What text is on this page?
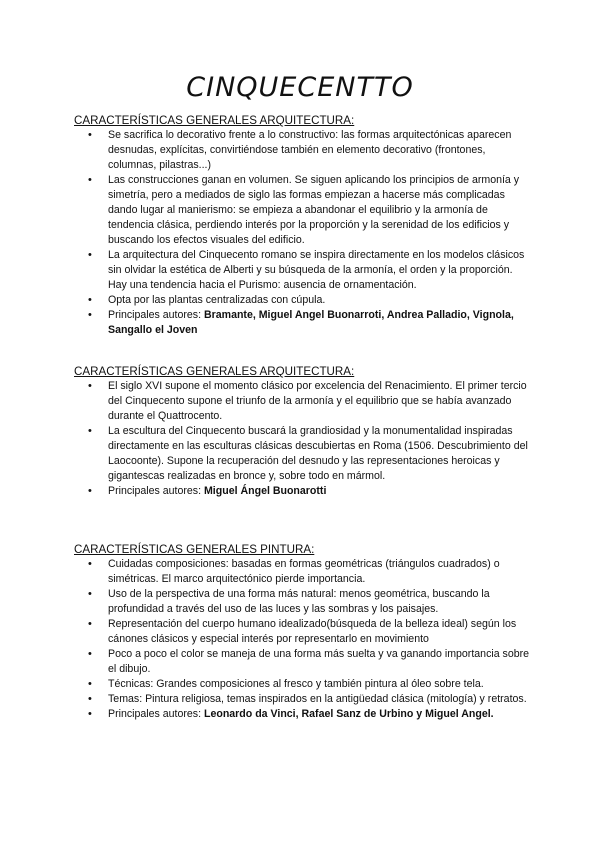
CINQUECENTTO

CARACTERÍSTICAS GENERALES ARQUITECTURA:

• Se sacrifica lo decorativo frente a lo constructivo: las formas arquitectónicas aparecen desnudas, explícitas, convirtiéndose también en elemento decorativo (frontones, columnas, pilastras...)
• Las construcciones ganan en volumen. Se siguen aplicando los principios de armonía y simetría, pero a mediados de siglo las formas empiezan a hacerse más complicadas dando lugar al manierismo: se empieza a abandonar el equilibrio y la armonía de tendencia clásica, perdiendo interés por la proporción y la serenidad de los edificios y buscando los efectos visuales del edificio.
• La arquitectura del Cinquecento romano se inspira directamente en los modelos clásicos sin olvidar la estética de Alberti y su búsqueda de la armonía, el orden y la proporción. Hay una tendencia hacia el Purismo: ausencia de ornamentación.
• Opta por las plantas centralizadas con cúpula.
• Principales autores: Bramante, Miguel Angel Buonarroti, Andrea Palladio, Vignola, Sangallo el Joven

CARACTERÍSTICAS GENERALES ARQUITECTURA:

• El siglo XVI supone el momento clásico por excelencia del Renacimiento. El primer tercio del Cinquecento supone el triunfo de la armonía y el equilibrio que se había avanzado durante el Quattrocento.
• La escultura del Cinquecento buscará la grandiosidad y la monumentalidad inspiradas directamente en las esculturas clásicas descubiertas en Roma (1506. Descubrimiento del Laocoonte). Supone la recuperación del desnudo y las representaciones heroicas y gigantescas realizadas en bronce y, sobre todo en mármol.
• Principales autores: Miguel Ángel Buonarotti

CARACTERÍSTICAS GENERALES PINTURA:

• Cuidadas composiciones: basadas en formas geométricas (triángulos cuadrados) o simétricas. El marco arquitectónico pierde importancia.
• Uso de la perspectiva de una forma más natural: menos geométrica, buscando la profundidad a través del uso de las luces y las sombras y los paisajes.
• Representación del cuerpo humano idealizado(búsqueda de la belleza ideal) según los cánones clásicos y especial interés por representarlo en movimiento
• Poco a poco el color se maneja de una forma más suelta y va ganando importancia sobre el dibujo.
• Técnicas: Grandes composiciones al fresco y también pintura al óleo sobre tela.
• Temas: Pintura religiosa, temas inspirados en la antigüedad clásica (mitología) y retratos.
• Principales autores: Leonardo da Vinci, Rafael Sanz de Urbino y Miguel Angel.
